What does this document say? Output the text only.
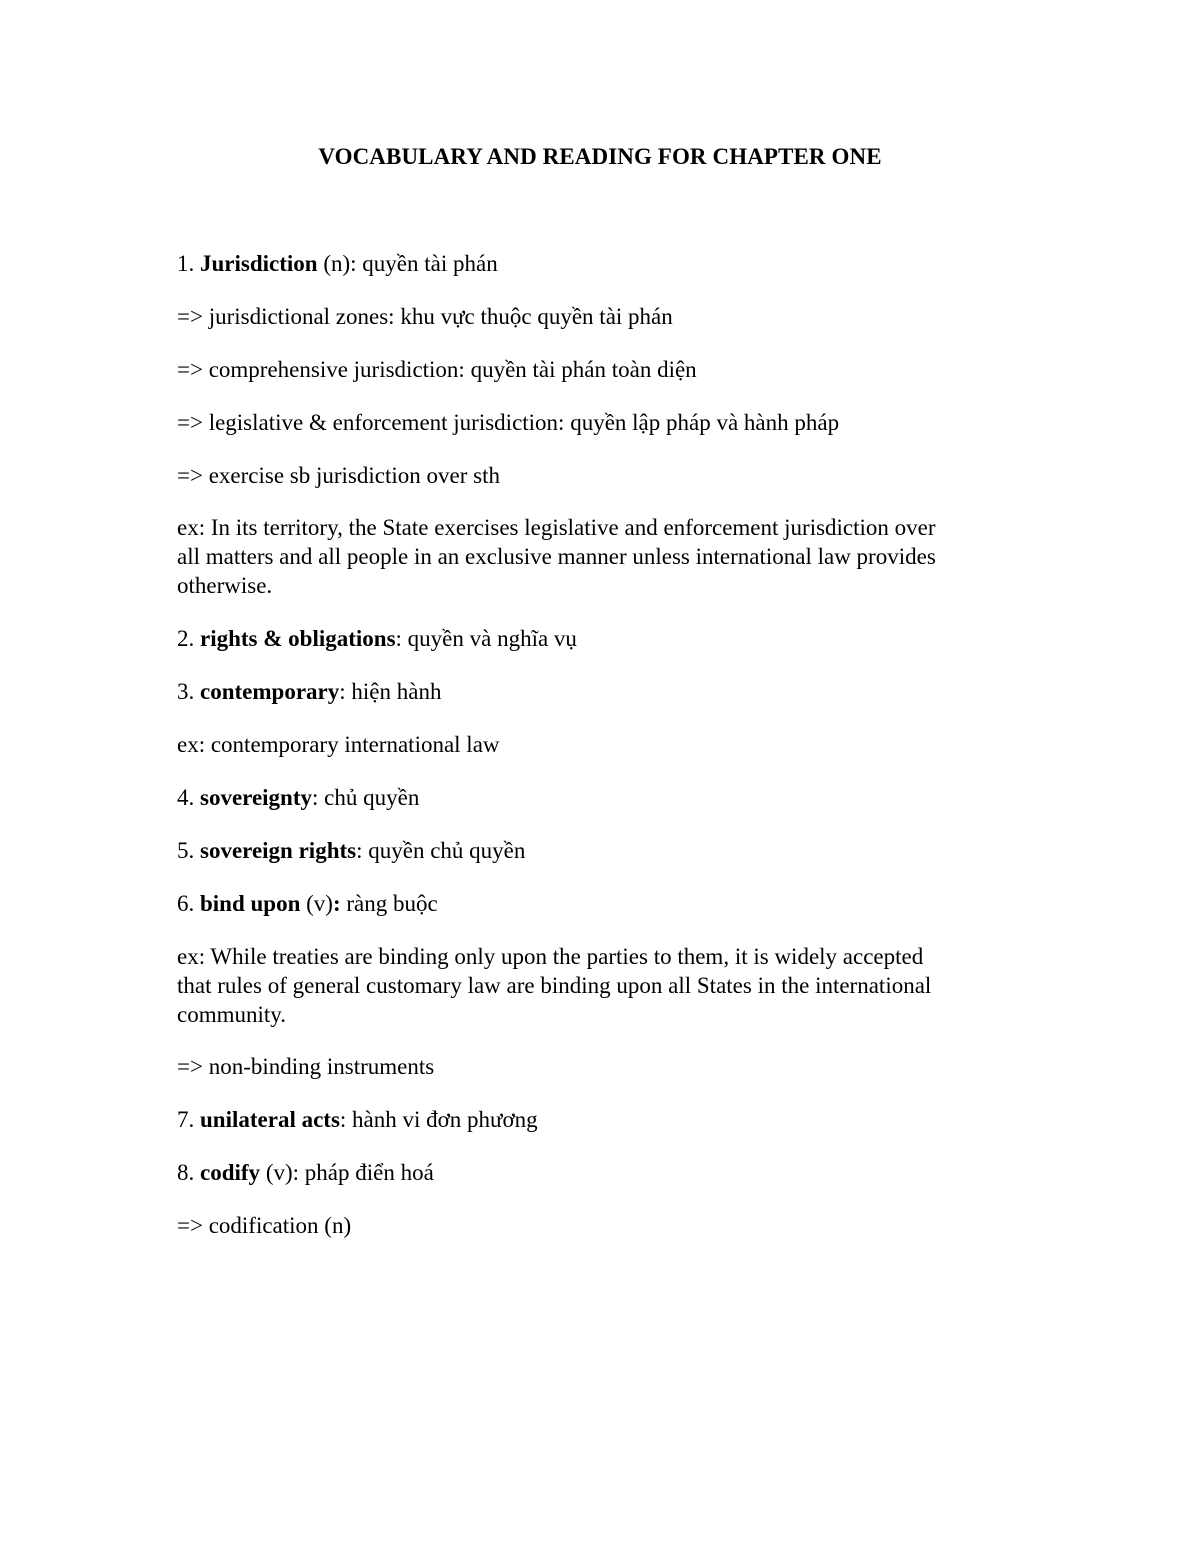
VOCABULARY AND READING FOR CHAPTER ONE

1. Jurisdiction (n): quyền tài phán

=> jurisdictional zones: khu vực thuộc quyền tài phán

=> comprehensive jurisdiction: quyền tài phán toàn diện

=> legislative & enforcement jurisdiction: quyền lập pháp và hành pháp

=> exercise sb jurisdiction over sth

ex: In its territory, the State exercises legislative and enforcement jurisdiction over
all matters and all people in an exclusive manner unless international law provides
otherwise.

2. rights & obligations: quyền và nghĩa vụ

3. contemporary: hiện hành

ex: contemporary international law

4. sovereignty: chủ quyền

5. sovereign rights: quyền chủ quyền

6. bind upon (v): ràng buộc

ex: While treaties are binding only upon the parties to them, it is widely accepted
that rules of general customary law are binding upon all States in the international
community.

=> non-binding instruments

7. unilateral acts: hành vi đơn phương

8. codify (v): pháp điển hoá

=> codification (n)
